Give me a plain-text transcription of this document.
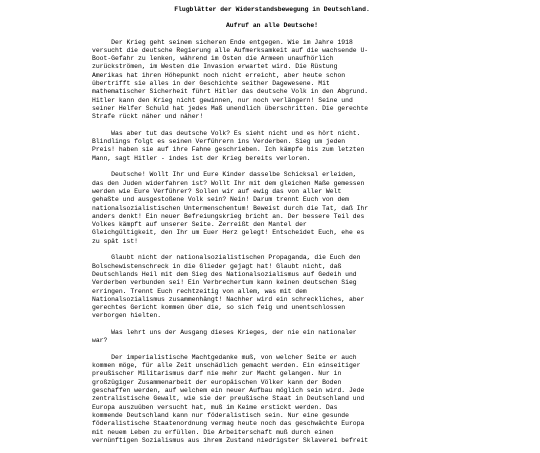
Flugblätter der Widerstandsbewegung in Deutschland.
Aufruf an alle Deutsche!

Der Krieg geht seinem sicheren Ende entgegen. Wie im Jahre 1918
versucht die deutsche Regierung alle Aufmerksamkeit auf die wachsende U-
Boot-Gefahr zu lenken, während im Osten die Armeen unaufhörlich
zurückströmen, im Westen die Invasion erwartet wird. Die Rüstung
Amerikas hat ihren Höhepunkt noch nicht erreicht, aber heute schon
übertrifft sie alles in der Geschichte seither Dagewesene. Mit
mathematischer Sicherheit führt Hitler das deutsche Volk in den Abgrund.
Hitler kann den Krieg nicht gewinnen, nur noch verlängern! Seine und
seiner Helfer Schuld hat jedes Maß unendlich überschritten. Die gerechte
Strafe rückt näher und näher!

Was aber tut das deutsche Volk? Es sieht nicht und es hört nicht.
Blindlings folgt es seinen Verführern ins Verderben. Sieg um jeden
Preis! haben sie auf ihre Fahne geschrieben. Ich kämpfe bis zum letzten
Mann, sagt Hitler - indes ist der Krieg bereits verloren.

Deutsche! Wollt Ihr und Eure Kinder dasselbe Schicksal erleiden,
das den Juden widerfahren ist? Wollt Ihr mit dem gleichen Maße gemessen
werden wie Eure Verführer? Sollen wir auf ewig das von aller Welt
gehaßte und ausgestoßene Volk sein? Nein! Darum trennt Euch von dem
nationalsozialistischen Untermenschentum! Beweist durch die Tat, daß Ihr
anders denkt! Ein neuer Befreiungskrieg bricht an. Der bessere Teil des
Volkes kämpft auf unserer Seite. Zerreißt den Mantel der
Gleichgültigkeit, den Ihr um Euer Herz gelegt! Entscheidet Euch, ehe es
zu spät ist!

Glaubt nicht der nationalsozialistischen Propaganda, die Euch den
Bolschewistenschreck in die Glieder gejagt hat! Glaubt nicht, daß
Deutschlands Heil mit dem Sieg des Nationalsozialismus auf Gedeih und
Verderben verbunden sei! Ein Verbrechertum kann keinen deutschen Sieg
erringen. Trennt Euch rechtzeitig von allem, was mit dem
Nationalsozialismus zusammenhängt! Nachher wird ein schreckliches, aber
gerechtes Gericht kommen über die, so sich feig und unentschlossen
verborgen hielten.

Was lehrt uns der Ausgang dieses Krieges, der nie ein nationaler
war?

Der imperialistische Machtgedanke muß, von welcher Seite er auch
kommen möge, für alle Zeit unschädlich gemacht werden. Ein einseitiger
preußischer Militarismus darf nie mehr zur Macht gelangen. Nur in
großzügiger Zusammenarbeit der europäischen Völker kann der Boden
geschaffen werden, auf welchem ein neuer Aufbau möglich sein wird. Jede
zentralistische Gewalt, wie sie der preußische Staat in Deutschland und
Europa auszuüben versucht hat, muß im Keime erstickt werden. Das
kommende Deutschland kann nur föderalistisch sein. Nur eine gesunde
föderalistische Staatenordnung vermag heute noch das geschwächte Europa
mit neuem Leben zu erfüllen. Die Arbeiterschaft muß durch einen
vernünftigen Sozialismus aus ihrem Zustand niedrigster Sklaverei befreit
